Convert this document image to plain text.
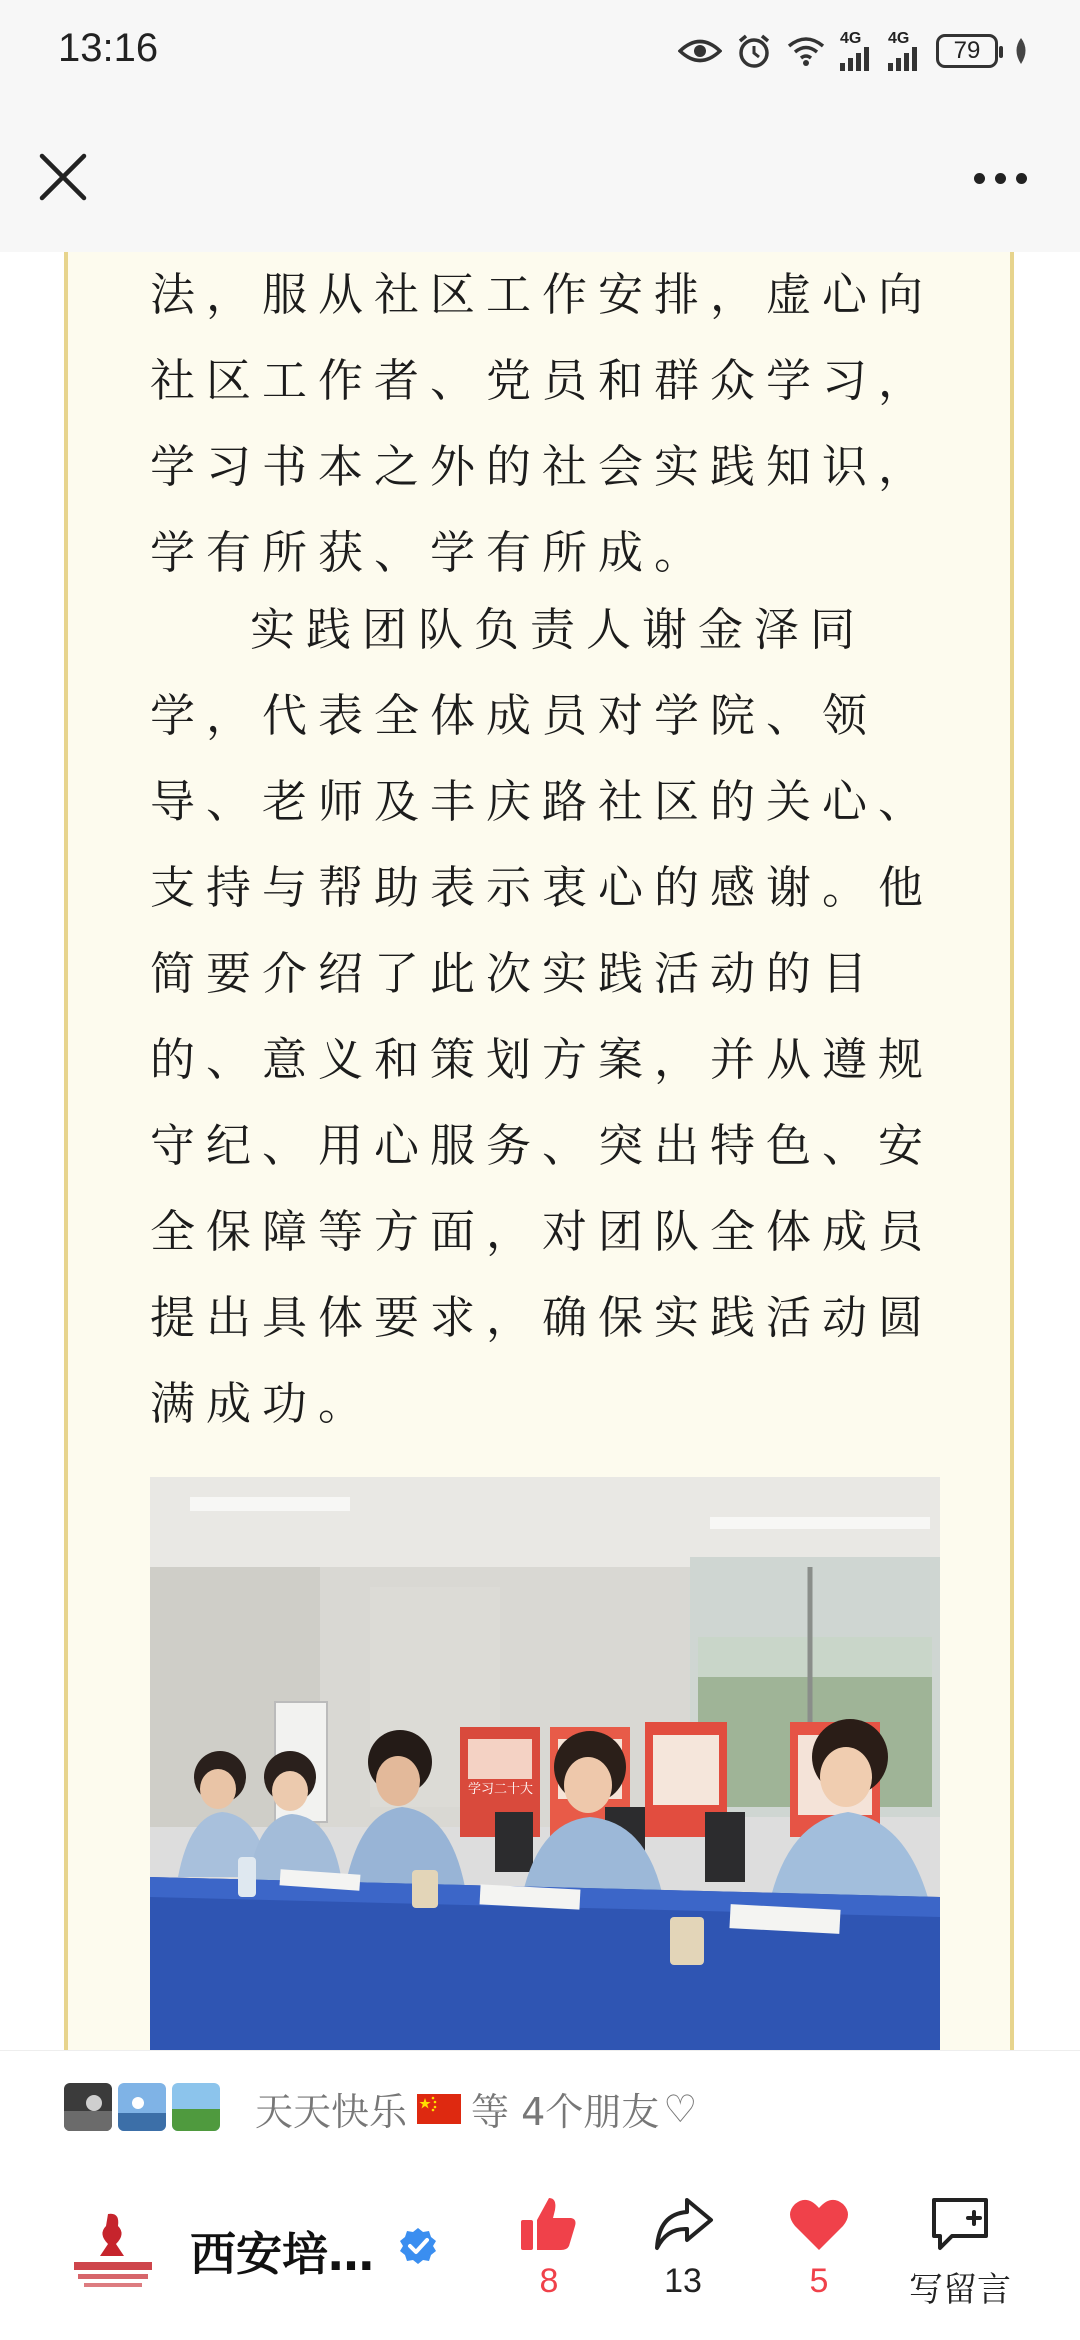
13:16	4G 4G	79

法，服从社区工作安排，虚心向社区工作者、党员和群众学习，学习书本之外的社会实践知识，学有所获、学有所成。

实践团队负责人谢金泽同学，代表全体成员对学院、领导、老师及丰庆路社区的关心、支持与帮助表示衷心的感谢。他简要介绍了此次实践活动的目的、意义和策划方案，并从遵规守纪、用心服务、突出特色、安全保障等方面，对团队全体成员提出具体要求，确保实践活动圆满成功。

学习二十大
天天快乐 等 4个朋友 ♡
西安培…	8	13	5 写留言
